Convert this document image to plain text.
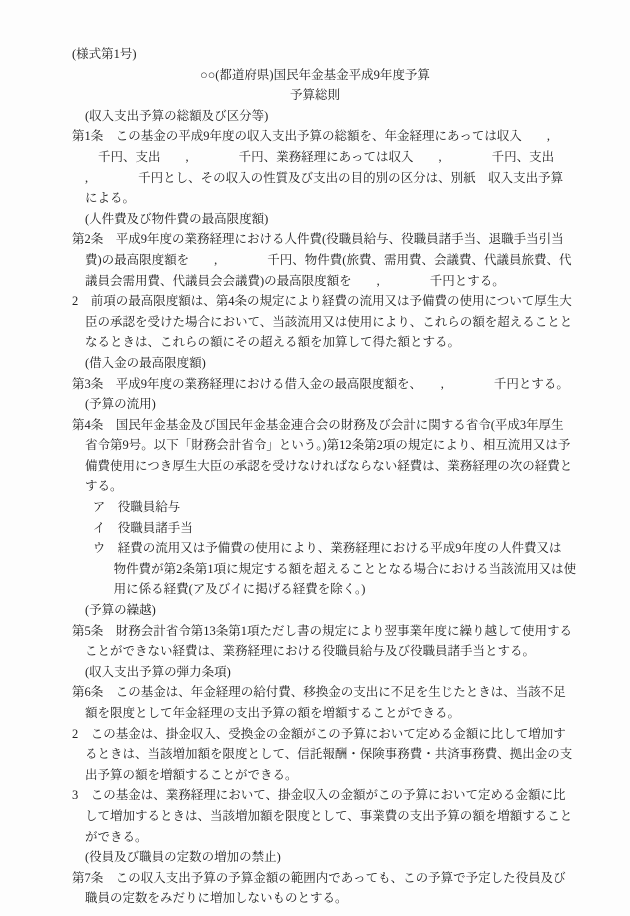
(様式第1号)
○○(都道府県)国民年金基金平成9年度予算
予算総則
(収入支出予算の総額及び区分等)
第1条　この基金の平成9年度の収入支出予算の総額を、年金経理にあっては収入　　,
千円、支出　　,　　　　千円、業務経理にあっては収入　　,　　　　千円、支出
,　　　　千円とし、その収入の性質及び支出の目的別の区分は、別紙　収入支出予算
による。
(人件費及び物件費の最高限度額)
第2条　平成9年度の業務経理における人件費(役職員給与、役職員諸手当、退職手当引当
費)の最高限度額を　　,　　　　千円、物件費(旅費、需用費、会議費、代議員旅費、代
議員会需用費、代議員会会議費)の最高限度額を　　,　　　　千円とする。
2　前項の最高限度額は、第4条の規定により経費の流用又は予備費の使用について厚生大
臣の承認を受けた場合において、当該流用又は使用により、これらの額を超えることと
なるときは、これらの額にその超える額を加算して得た額とする。
(借入金の最高限度額)
第3条　平成9年度の業務経理における借入金の最高限度額を、　　,　　　　千円とする。
(予算の流用)
第4条　国民年金基金及び国民年金基金連合会の財務及び会計に関する省令(平成3年厚生
省令第9号。以下「財務会計省令」という。)第12条第2項の規定により、相互流用又は予
備費使用につき厚生大臣の承認を受けなければならない経費は、業務経理の次の経費と
する。
ア　役職員給与
イ　役職員諸手当
ウ　経費の流用又は予備費の使用により、業務経理における平成9年度の人件費又は
物件費が第2条第1項に規定する額を超えることとなる場合における当該流用又は使
用に係る経費(ア及びイに掲げる経費を除く。)
(予算の繰越)
第5条　財務会計省令第13条第1項ただし書の規定により翌事業年度に繰り越して使用する
ことができない経費は、業務経理における役職員給与及び役職員諸手当とする。
(収入支出予算の弾力条項)
第6条　この基金は、年金経理の給付費、移換金の支出に不足を生じたときは、当該不足
額を限度として年金経理の支出予算の額を増額することができる。
2　この基金は、掛金収入、受換金の金額がこの予算において定める金額に比して増加す
るときは、当該増加額を限度として、信託報酬・保険事務費・共済事務費、拠出金の支
出予算の額を増額することができる。
3　この基金は、業務経理において、掛金収入の金額がこの予算において定める金額に比
して増加するときは、当該増加額を限度として、事業費の支出予算の額を増額すること
ができる。
(役員及び職員の定数の増加の禁止)
第7条　この収入支出予算の予算金額の範囲内であっても、この予算で予定した役員及び
職員の定数をみだりに増加しないものとする。
